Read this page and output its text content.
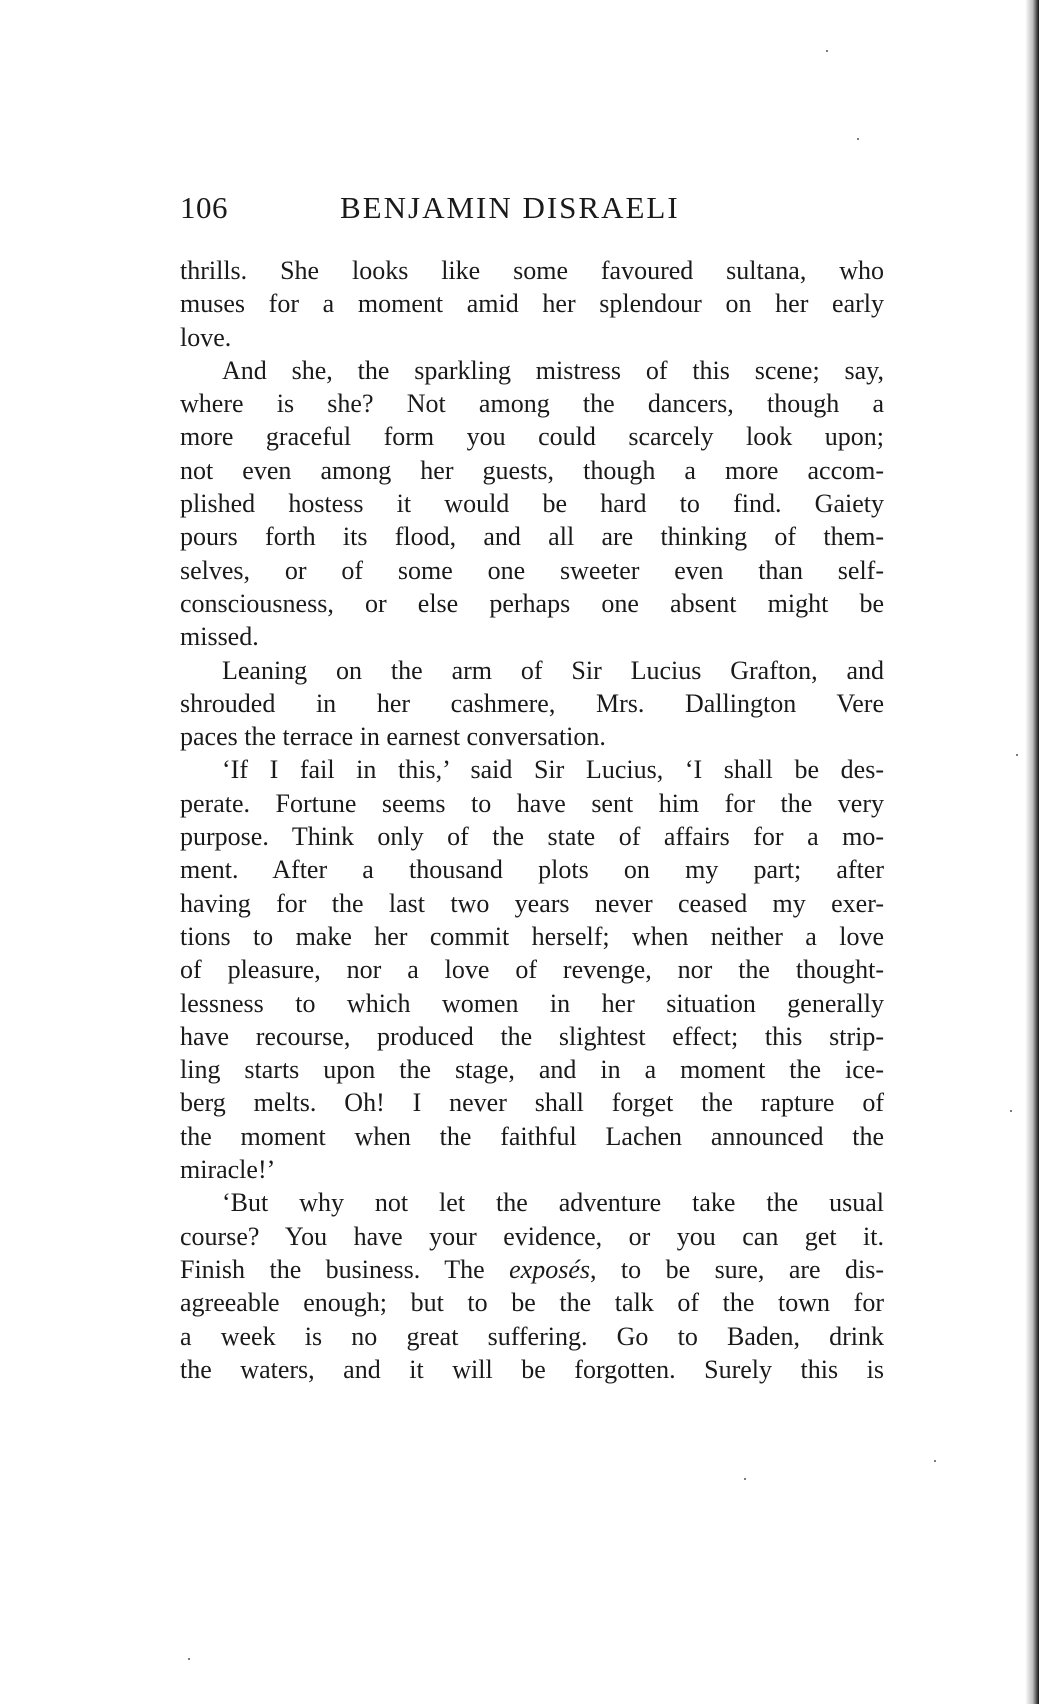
106	BENJAMIN DISRAELI
thrills. She looks like some favoured sultana, who
muses for a moment amid her splendour on her early
love.
And she, the sparkling mistress of this scene; say,
where is she? Not among the dancers, though a
more graceful form you could scarcely look upon;
not even among her guests, though a more accom-
plished hostess it would be hard to find. Gaiety
pours forth its flood, and all are thinking of them-
selves, or of some one sweeter even than self-
consciousness, or else perhaps one absent might be
missed.
Leaning on the arm of Sir Lucius Grafton, and
shrouded in her cashmere, Mrs. Dallington Vere
paces the terrace in earnest conversation.
‘If I fail in this,’ said Sir Lucius, ‘I shall be des-
perate. Fortune seems to have sent him for the very
purpose. Think only of the state of affairs for a mo-
ment. After a thousand plots on my part; after
having for the last two years never ceased my exer-
tions to make her commit herself; when neither a love
of pleasure, nor a love of revenge, nor the thought-
lessness to which women in her situation generally
have recourse, produced the slightest effect; this strip-
ling starts upon the stage, and in a moment the ice-
berg melts. Oh! I never shall forget the rapture of
the moment when the faithful Lachen announced the
miracle!’
‘But why not let the adventure take the usual
course? You have your evidence, or you can get it.
Finish the business. The exposés, to be sure, are dis-
agreeable enough; but to be the talk of the town for
a week is no great suffering. Go to Baden, drink
the waters, and it will be forgotten. Surely this is
